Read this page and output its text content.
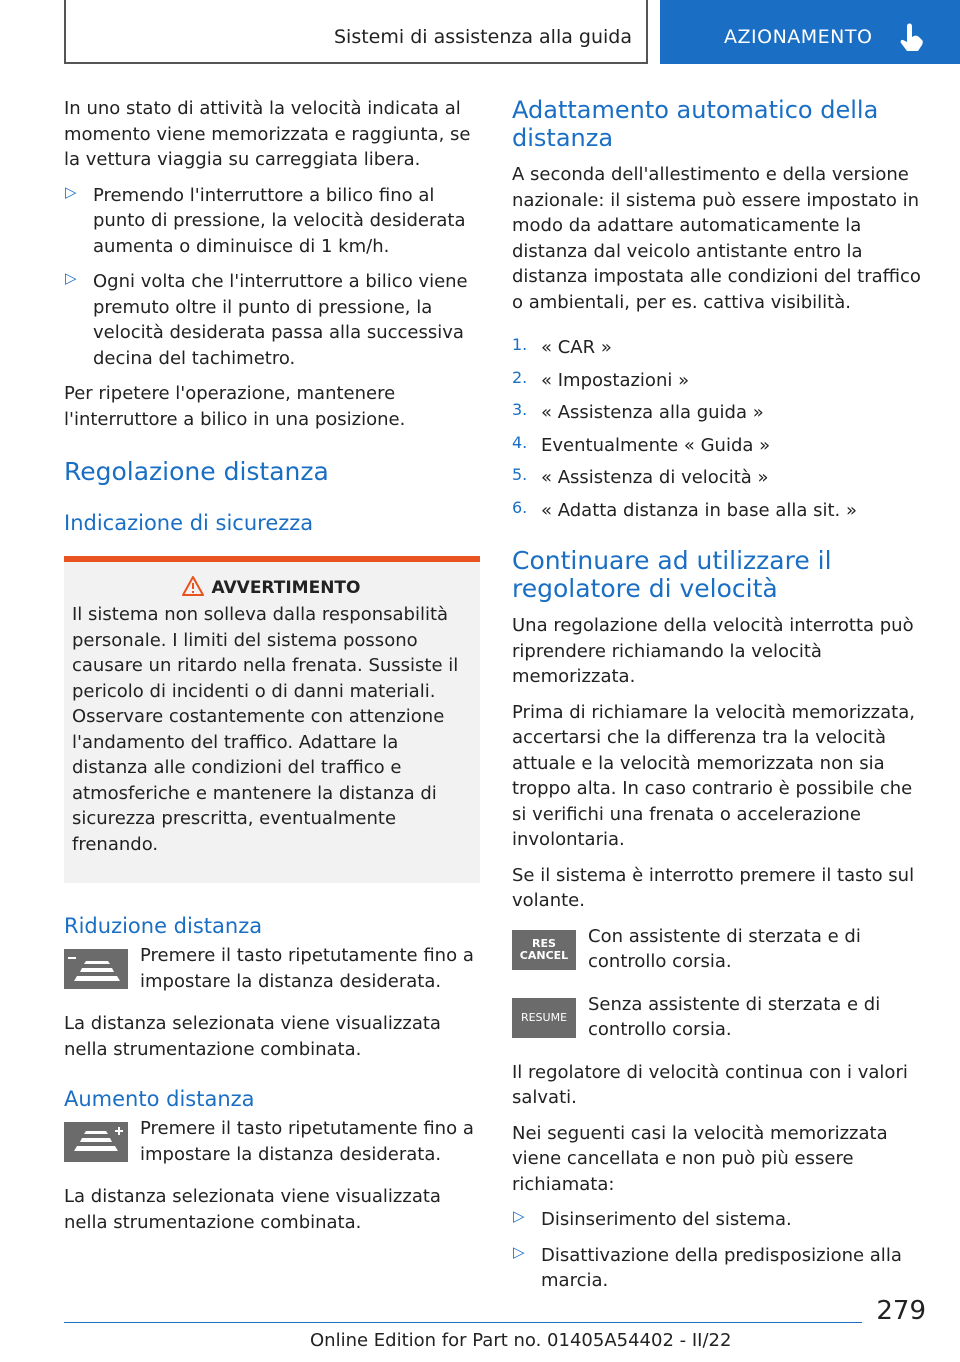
Sistemi di assistenza alla guida	AZIONAMENTO

In uno stato di attività la velocità indicata al momento viene memorizzata e raggiunta, se la vettura viaggia su carreggiata libera.

▷ Premendo l'interruttore a bilico fino al punto di pressione, la velocità desiderata aumenta o diminuisce di 1 km/h.

▷ Ogni volta che l'interruttore a bilico viene premuto oltre il punto di pressione, la velocità desiderata passa alla successiva decina del tachimetro.

Per ripetere l'operazione, mantenere l'interruttore a bilico in una posizione.

Regolazione distanza
Indicazione di sicurezza
AVVERTIMENTO

Il sistema non solleva dalla responsabilità personale. I limiti del sistema possono causare un ritardo nella frenata. Sussiste il pericolo di incidenti o di danni materiali. Osservare costantemente con attenzione l'andamento del traffico. Adattare la distanza alle condizioni del traffico e atmosferiche e mantenere la distanza di sicurezza prescritta, eventualmente frenando.

Riduzione distanza

Premere il tasto ripetutamente fino a impostare la distanza desiderata.

La distanza selezionata viene visualizzata nella strumentazione combinata.

Aumento distanza

Premere il tasto ripetutamente fino a impostare la distanza desiderata.

La distanza selezionata viene visualizzata nella strumentazione combinata.

Adattamento automatico della distanza

A seconda dell'allestimento e della versione nazionale: il sistema può essere impostato in modo da adattare automaticamente la distanza dal veicolo antistante entro la distanza impostata alle condizioni del traffico o ambientali, per es. cattiva visibilità.

1. « CAR »

2. « Impostazioni »

3. « Assistenza alla guida »

4. Eventualmente « Guida »

5. « Assistenza di velocità »

6. « Adatta distanza in base alla sit. »

Continuare ad utilizzare il regolatore di velocità

Una regolazione della velocità interrotta può riprendere richiamando la velocità memorizzata.

Prima di richiamare la velocità memorizzata, accertarsi che la differenza tra la velocità attuale e la velocità memorizzata non sia troppo alta. In caso contrario è possibile che si verifichi una frenata o accelerazione involontaria.

Se il sistema è interrotto premere il tasto sul volante.

RES
CANCEL

Con assistente di sterzata e di controllo corsia.

RESUME

Senza assistente di sterzata e di controllo corsia.

Il regolatore di velocità continua con i valori salvati.

Nei seguenti casi la velocità memorizzata viene cancellata e non può più essere richiamata:

▷ Disinserimento del sistema.

▷ Disattivazione della predisposizione alla marcia.

279
Online Edition for Part no. 01405A54402 - II/22
